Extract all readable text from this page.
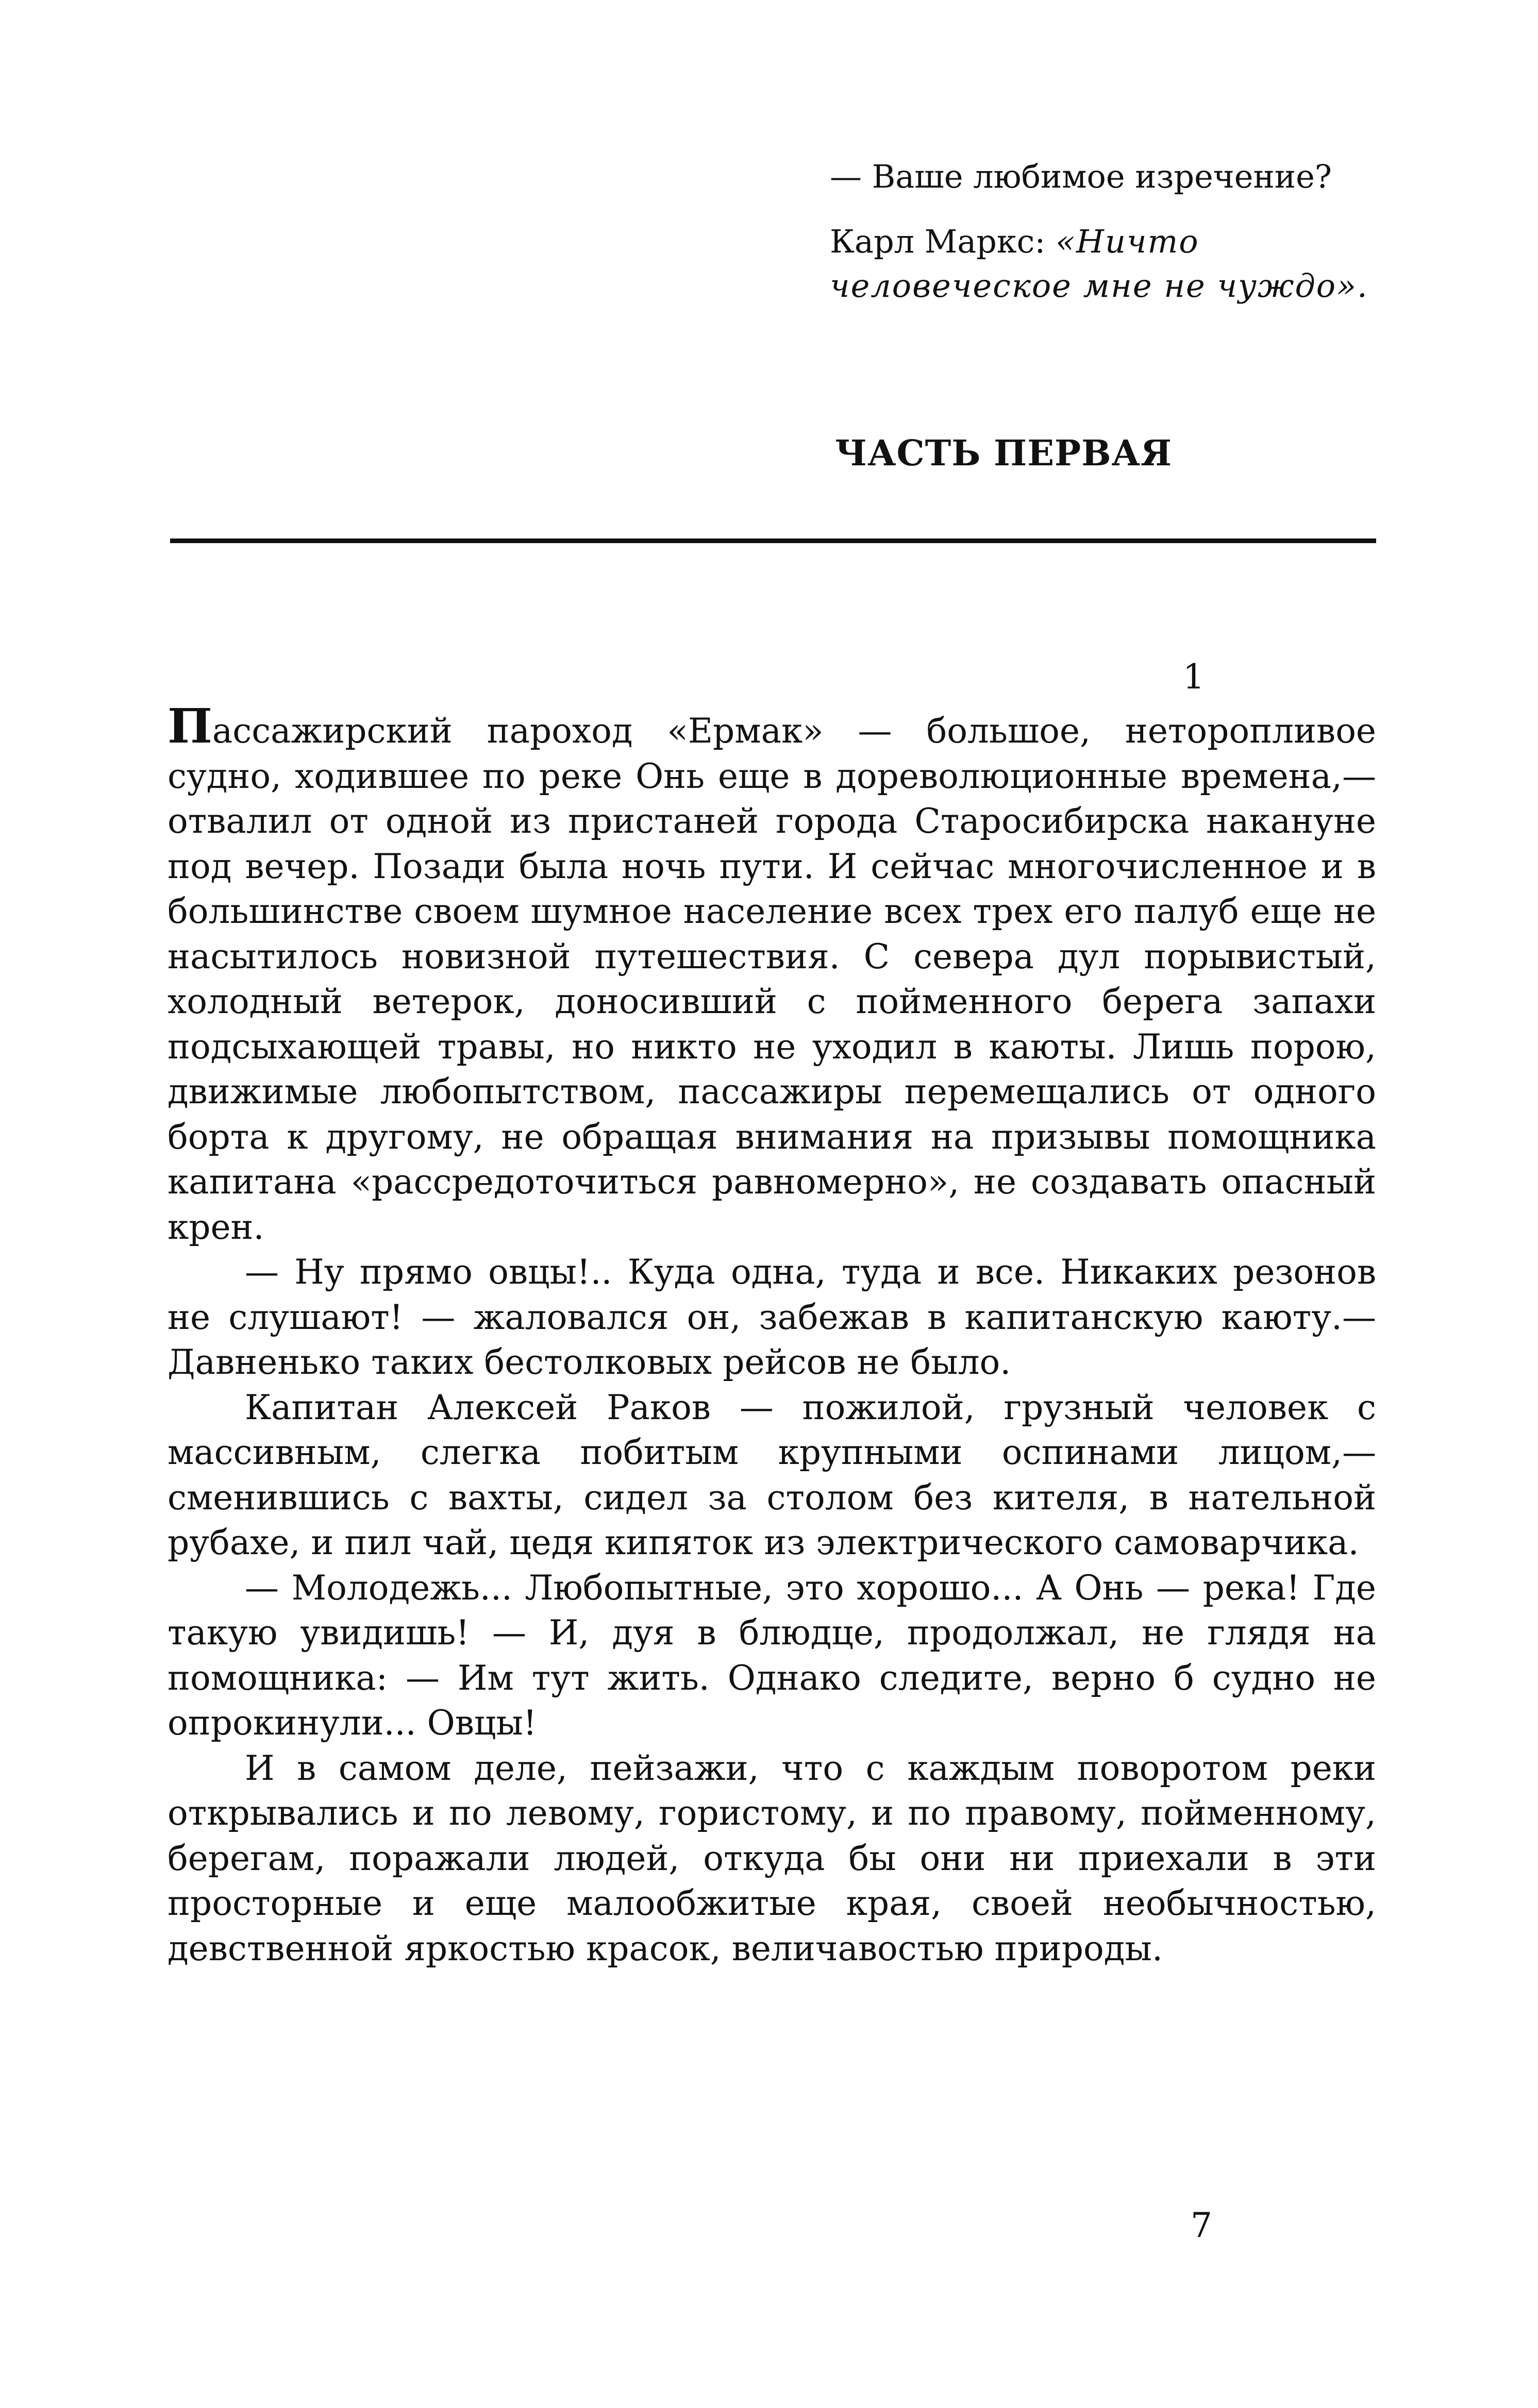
— Ваше любимое изречение?

Карл Маркс: «Ничто человеческое мне не чуждо».

ЧАСТЬ ПЕРВАЯ

1

Пассажирский пароход «Ермак» — большое, неторопливое судно, ходившее по реке Онь еще в дореволюционные времена,— отвалил от одной из пристаней города Старосибирска накануне под вечер. Позади была ночь пути. И сейчас многочисленное и в большинстве своем шумное население всех трех его палуб еще не насытилось новизной путешествия. С севера дул порывистый, холодный ветерок, доносивший с пойменного берега запахи подсыхающей травы, но никто не уходил в каюты. Лишь порою, движимые любопытством, пассажиры перемещались от одного борта к другому, не обращая внимания на призывы помощника капитана «рассредоточиться равномерно», не создавать опасный крен.

— Ну прямо овцы!.. Куда одна, туда и все. Никаких резонов не слушают! — жаловался он, забежав в капитанскую каюту.— Давненько таких бестолковых рейсов не было.

Капитан Алексей Раков — пожилой, грузный человек с массивным, слегка побитым крупными оспинами лицом,— сменившись с вахты, сидел за столом без кителя, в нательной рубахе, и пил чай, цедя кипяток из электрического самоварчика.

— Молодежь... Любопытные, это хорошо... А Онь — река! Где такую увидишь! — И, дуя в блюдце, продолжал, не глядя на помощника: — Им тут жить. Однако следите, верно б судно не опрокинули... Овцы!

И в самом деле, пейзажи, что с каждым поворотом реки открывались и по левому, гористому, и по правому, пойменному, берегам, поражали людей, откуда бы они ни приехали в эти просторные и еще малообжитые края, своей необычностью, девственной яркостью красок, величавостью природы.

7
